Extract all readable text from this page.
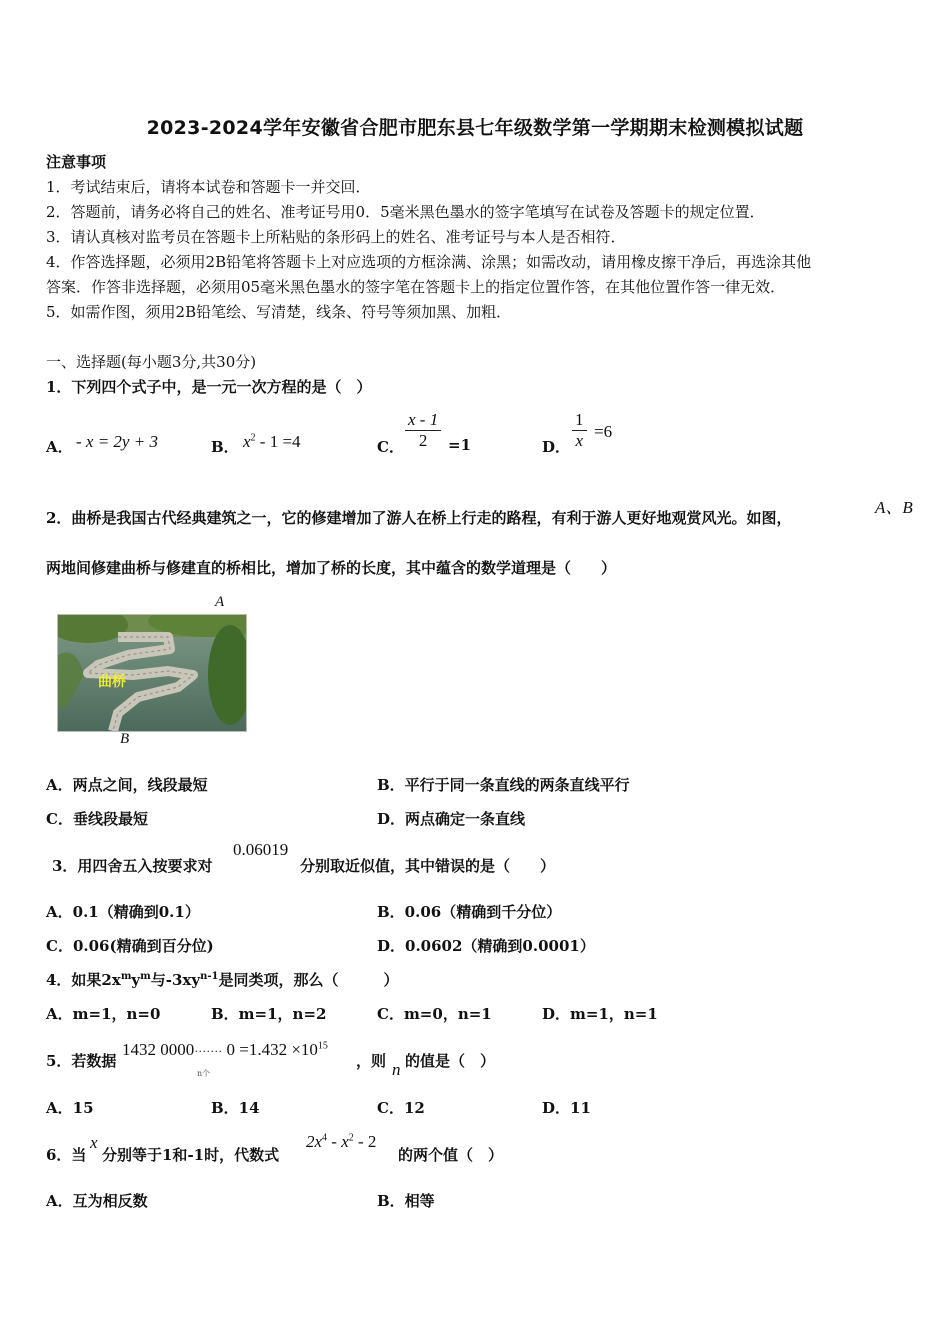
2023-2024学年安徽省合肥市肥东县七年级数学第一学期期末检测模拟试题
注意事项
1．考试结束后，请将本试卷和答题卡一并交回．
2．答题前，请务必将自己的姓名、准考证号用0．5毫米黑色墨水的签字笔填写在试卷及答题卡的规定位置．
3．请认真核对监考员在答题卡上所粘贴的条形码上的姓名、准考证号与本人是否相符．
4．作答选择题，必须用2B铅笔将答题卡上对应选项的方框涂满、涂黑；如需改动，请用橡皮擦干净后，再选涂其他
答案．作答非选择题，必须用05毫米黑色墨水的签字笔在答题卡上的指定位置作答，在其他位置作答一律无效．
5．如需作图，须用2B铅笔绘、写清楚，线条、符号等须加黑、加粗．
一、选择题(每小题3分,共30分)
1．下列四个式子中，是一元一次方程的是（　）
A． - x = 2y + 3	B． $x^2 - 1 =4$	C．
x - 1
2	=1	D．
1
x =6
2．曲桥是我国古代经典建筑之一，它的修建增加了游人在桥上行走的路程，有利于游人更好地观赏风光。如图，
A、B
两地间修建曲桥与修建直的桥相比，增加了桥的长度，其中蕴含的数学道理是（　　）
A
曲桥
B
A．两点之间，线段最短	B．平行于同一条直线的两条直线平行
C．垂线段最短	D．两点确定一条直线
3．用四舍五入按要求对
0.06019
分别取近似值，其中错误的是（　　）
A．0.1（精确到0.1）	B．0.06（精确到千分位）
C．0.06(精确到百分位)	D．0.0602（精确到0.0001）
4．如果$2x^my^m$与$-3xy^{n-1}$是同类项，那么（　　　）
A．m=1，n=0	B．m=1，n=2	C．m=0，n=1	D．m=1，n=1
5．若数据
1432 $0000\cdot\cdot\cdot\cdot\cdot\cdot\cdot 0 =1.432 \times 10^{15}$
n个
，则 n 的值是（　）
A．15	B．14	C．12	D．11
6．当
x
分别等于1和-1时，代数式
$2x^4 - x^2 - 2$
的两个值（　）
A．互为相反数	B．相等
